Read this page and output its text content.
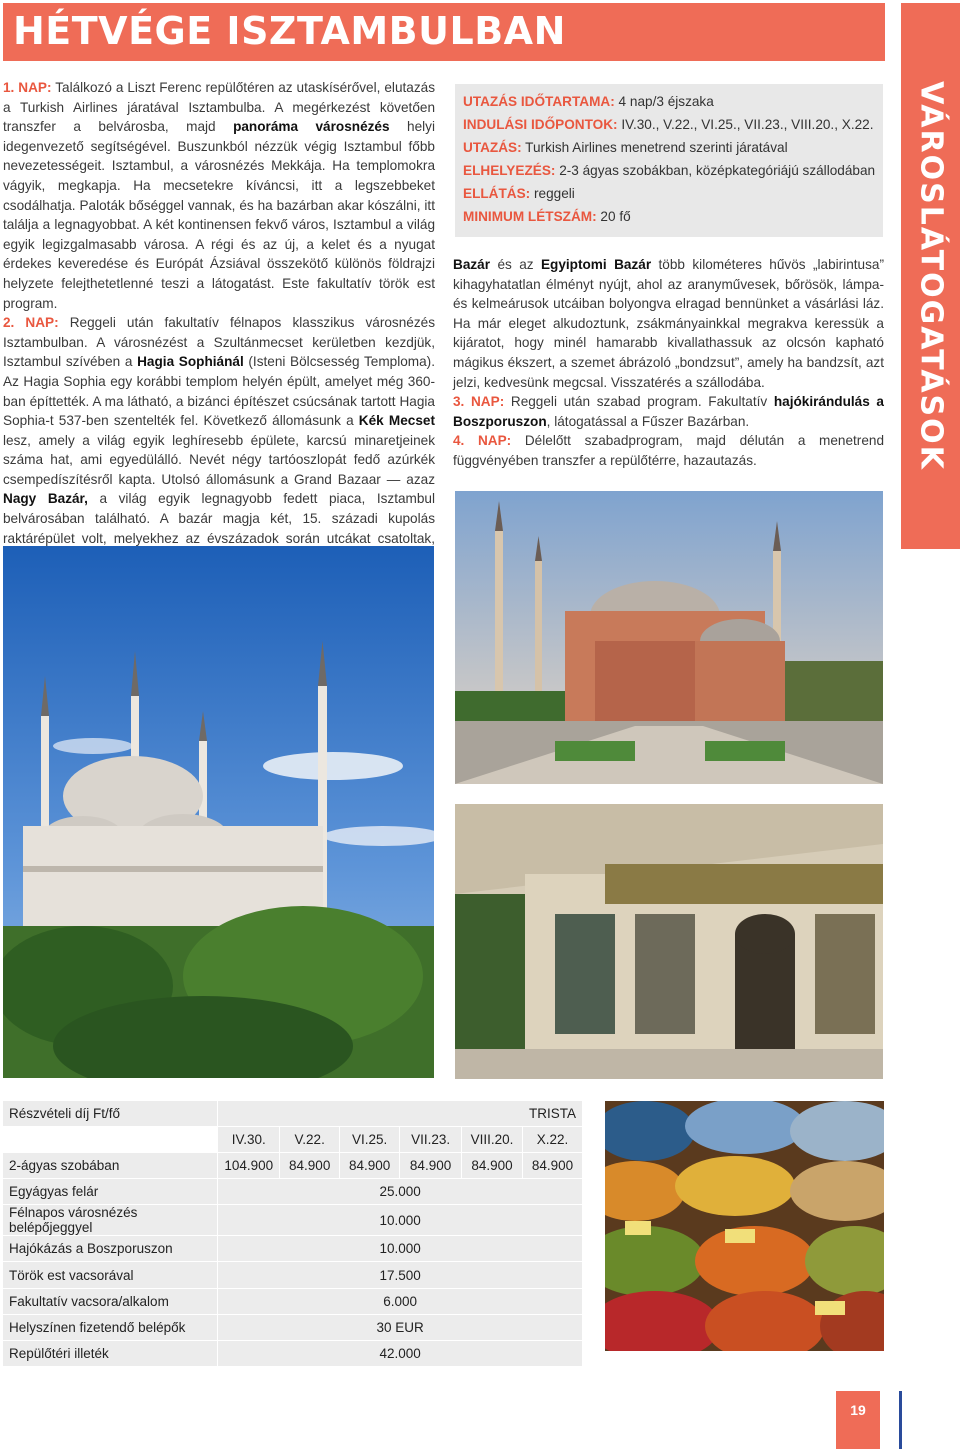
HÉTVÉGE ISZTAMBULBAN
VÁROSLÁTOGATÁSOK
1. NAP: Találkozó a Liszt Ferenc repülőtéren az utaskísérővel, elutazás a Turkish Airlines járatával Isztambulba. A megérkezést követően transzfer a belvárosba, majd panoráma városnézés helyi idegenvezető segítségével. Buszunkból nézzük végig Isztambul főbb nevezetességeit. Isztambul, a városnézés Mekkája. Ha templomokra vágyik, megkapja. Ha mecsetekre kíváncsi, itt a legszebbeket csodálhatja. Paloták bőséggel vannak, és ha bazárban akar kószálni, itt találja a legnagyobbat. A két kontinensen fekvő város, Isztambul a világ egyik legizgalmasabb városa. A régi és az új, a kelet és a nyugat érdekes keveredése és Európát Ázsiával összekötő különös földrajzi helyzete felejthetetlenné teszi a látogatást. Este fakultatív török est program.
2. NAP: Reggeli után fakultatív félnapos klasszikus városnézés Isztambulban. A városnézést a Szultánmecset kerületben kezdjük, Isztambul szívében a Hagia Sophiánál (Isteni Bölcsesség Temploma). Az Hagia Sophia egy korábbi templom helyén épült, amelyet még 360-ban építtették. A ma látható, a bizánci építészet csúcsának tartott Hagia Sophia-t 537-ben szentelték fel. Következő állomásunk a Kék Mecset lesz, amely a világ egyik leghíresebb épülete, karcsú minaretjeinek száma hat, ami egyedülálló. Nevét négy tartóoszlopát fedő azúrkék csempedíszítésről kapta. Utolsó állomásunk a Grand Bazaar — azaz Nagy Bazár, a világ egyik legnagyobb fedett piaca, Isztambul belvárosában található. A bazár magja két, 15. századi kupolás raktárépület volt, melyekhez az évszázadok során utcákat csatoltak,
UTAZÁS IDŐTARTAMA: 4 nap/3 éjszaka
INDULÁSI IDŐPONTOK: IV.30., V.22., VI.25., VII.23., VIII.20., X.22.
UTAZÁS: Turkish Airlines menetrend szerinti járatával
ELHELYEZÉS: 2-3 ágyas szobákban, középkategóriájú szállodában
ELLÁTÁS: reggeli
MINIMUM LÉTSZÁM: 20 fő
Bazár és az Egyiptomi Bazár több kilométeres hűvös „labirintusa” kihagyhatatlan élményt nyújt, ahol az aranyművesek, bőrösök, lámpa- és kelmeárusok utcáiban bolyongva elragad bennünket a vásárlási láz. Ha már eleget alkudoztunk, zsákmányainkkal megrakva keressük a kijáratot, hogy minél hamarabb kivallathassuk az olcsón kapható mágikus ékszert, a szemet ábrázoló „bondzsut”, amely ha bandzsít, azt jelzi, kedvesünk megcsal. Visszatérés a szállodába.
3. NAP: Reggeli után szabad program. Fakultatív hajókirándulás a Boszporuszon, látogatással a Fűszer Bazárban.
4. NAP: Délelőtt szabadprogram, majd délután a menetrend függvényében transzfer a repülőtérre, hazautazás.
Részvételi díj Ft/fő	TRISTA					
	IV.30.	V.22.	VI.25.	VII.23.	VIII.20.	X.22.
2-ágyas szobában	104.900	84.900	84.900	84.900	84.900	84.900
Egyágyas felár	25.000					
Félnapos városnézés belépőjeggyel	10.000					
Hajókázás a Boszporuszon	10.000					
Török est vacsorával	17.500					
Fakultatív vacsora/alkalom	6.000					
Helyszínen fizetendő belépők	30 EUR					
Repülőtéri illeték	42.000					
19
